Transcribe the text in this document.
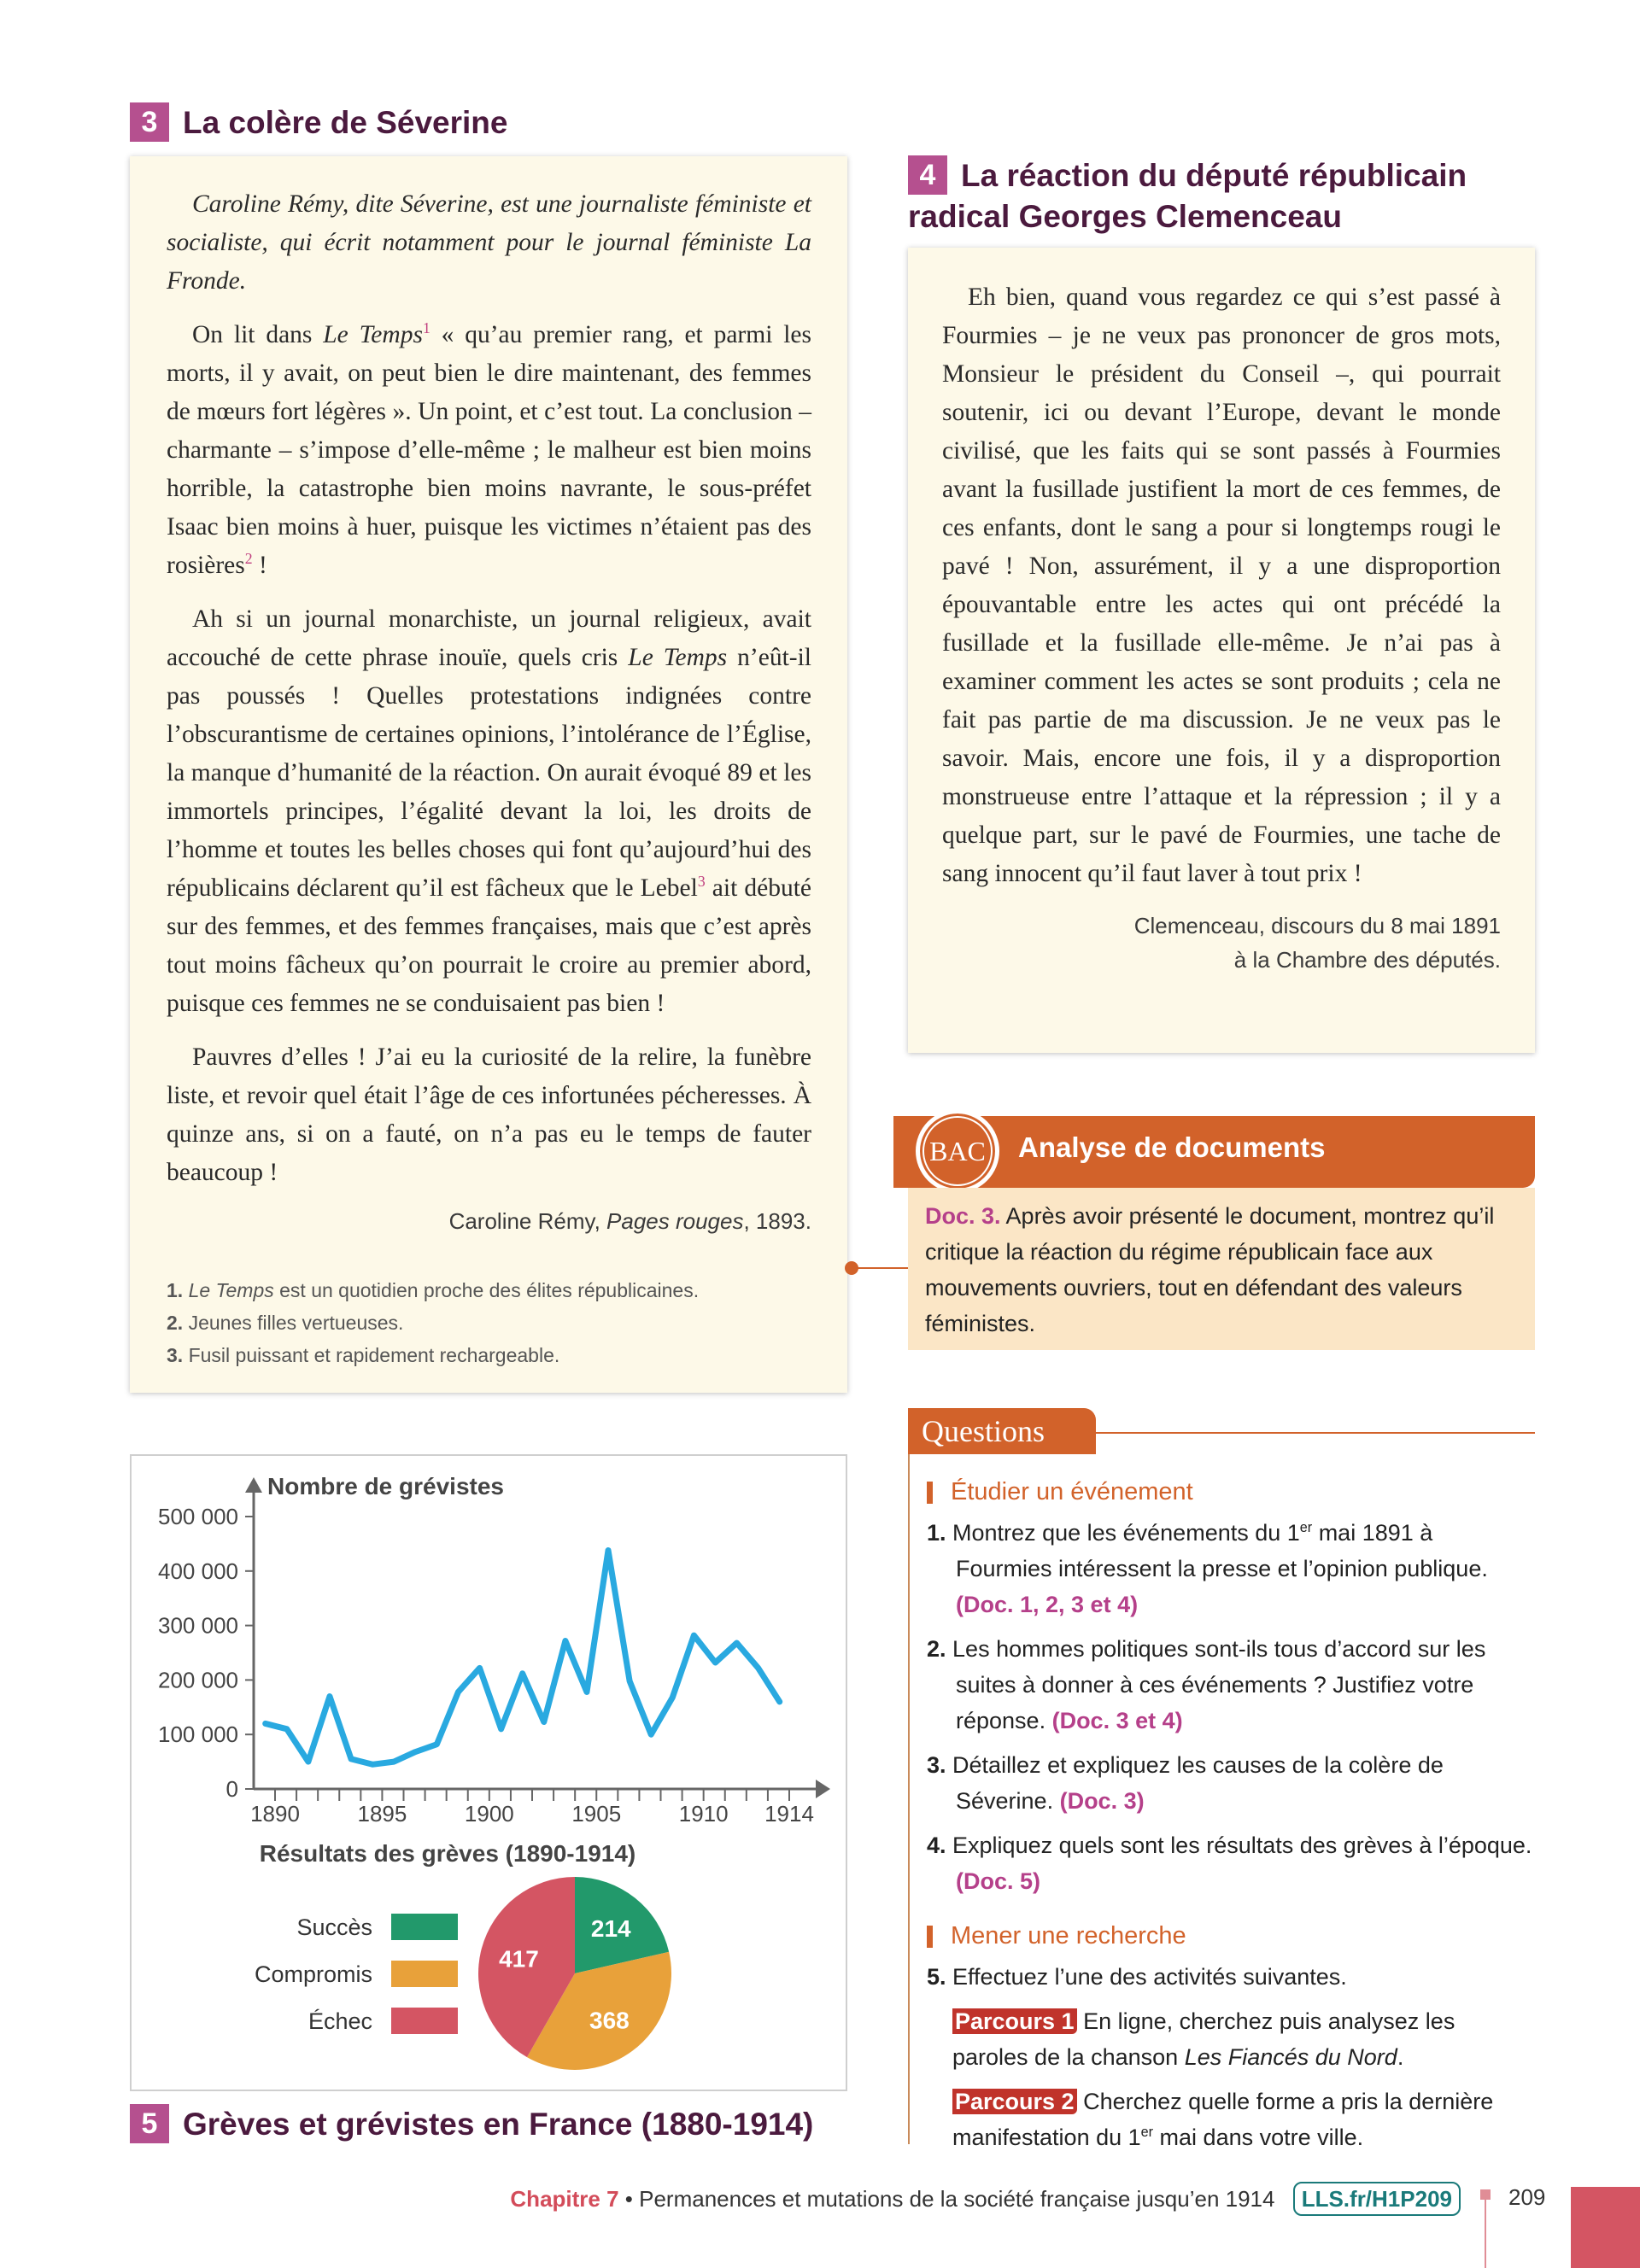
3 La colère de Séverine
Caroline Rémy, dite Séverine, est une journaliste féministe et socialiste, qui écrit notamment pour le journal féministe La Fronde.

On lit dans Le Temps$^1$ « qu’au premier rang, et parmi les morts, il y avait, on peut bien le dire maintenant, des femmes de mœurs fort légères ». Un point, et c’est tout. La conclusion – charmante – s’impose d’elle-même ; le malheur est bien moins horrible, la catastrophe bien moins navrante, le sous-préfet Isaac bien moins à huer, puisque les victimes n’étaient pas des rosières$^2$ !

Ah si un journal monarchiste, un journal religieux, avait accouché de cette phrase inouïe, quels cris Le Temps n’eût-il pas poussés ! Quelles protestations indignées contre l’obscurantisme de certaines opinions, l’intolérance de l’Église, la manque d’humanité de la réaction. On aurait évoqué 89 et les immortels principes, l’égalité devant la loi, les droits de l’homme et toutes les belles choses qui font qu’aujourd’hui des républicains déclarent qu’il est fâcheux que le Lebel$^3$ ait débuté sur des femmes, et des femmes françaises, mais que c’est après tout moins fâcheux qu’on pourrait le croire au premier abord, puisque ces femmes ne se conduisaient pas bien !

Pauvres d’elles ! J’ai eu la curiosité de la relire, la funèbre liste, et revoir quel était l’âge de ces infortunées pécheresses. À quinze ans, si on a fauté, on n’a pas eu le temps de fauter beaucoup !

Caroline Rémy, Pages rouges, 1893.
1. Le Temps est un quotidien proche des élites républicaines.
2. Jeunes filles vertueuses.
3. Fusil puissant et rapidement rechargeable.
4 La réaction du député républicain radical Georges Clemenceau
Eh bien, quand vous regardez ce qui s’est passé à Fourmies – je ne veux pas prononcer de gros mots, Monsieur le président du Conseil –, qui pourrait soutenir, ici ou devant l’Europe, devant le monde civilisé, que les faits qui se sont passés à Fourmies avant la fusillade justifient la mort de ces femmes, de ces enfants, dont le sang a pour si longtemps rougi le pavé ! Non, assurément, il y a une disproportion épouvantable entre les actes qui ont précédé la fusillade et la fusillade elle-même. Je n’ai pas à examiner comment les actes se sont produits ; cela ne fait pas partie de ma discussion. Je ne veux pas le savoir. Mais, encore une fois, il y a disproportion monstrueuse entre l’attaque et la répression ; il y a quelque part, sur le pavé de Fourmies, une tache de sang innocent qu’il faut laver à tout prix !
Clemenceau, discours du 8 mai 1891
à la Chambre des députés.
BAC	Analyse de documents
Doc. 3. Après avoir présenté le document, montrez qu’il critique la réaction du régime républicain face aux mouvements ouvriers, tout en défendant des valeurs féministes.
Questions
Étudier un événement
1. Montrez que les événements du 1er mai 1891 à Fourmies intéressent la presse et l’opinion publique. (Doc. 1, 2, 3 et 4)
2. Les hommes politiques sont-ils tous d’accord sur les suites à donner à ces événements ? Justifiez votre réponse. (Doc. 3 et 4)
3. Détaillez et expliquez les causes de la colère de Séverine. (Doc. 3)
4. Expliquez quels sont les résultats des grèves à l’époque. (Doc. 5)
Mener une recherche
5. Effectuez l’une des activités suivantes.
Parcours 1 En ligne, cherchez puis analysez les paroles de la chanson Les Fiancés du Nord.
Parcours 2 Cherchez quelle forme a pris la dernière manifestation du 1er mai dans votre ville.
Nombre de grévistes
0
100 000
200 000
300 000
400 000
500 000
1890	1895	1900	1905	1910 1914
Résultats des grèves (1890-1914)
214
Succès
368
Compromis
417
Échec
5 Grèves et grévistes en France (1880-1914)
Chapitre 7 • Permanences et mutations de la société française jusqu’en 1914 LLS.fr/H1P209	209
